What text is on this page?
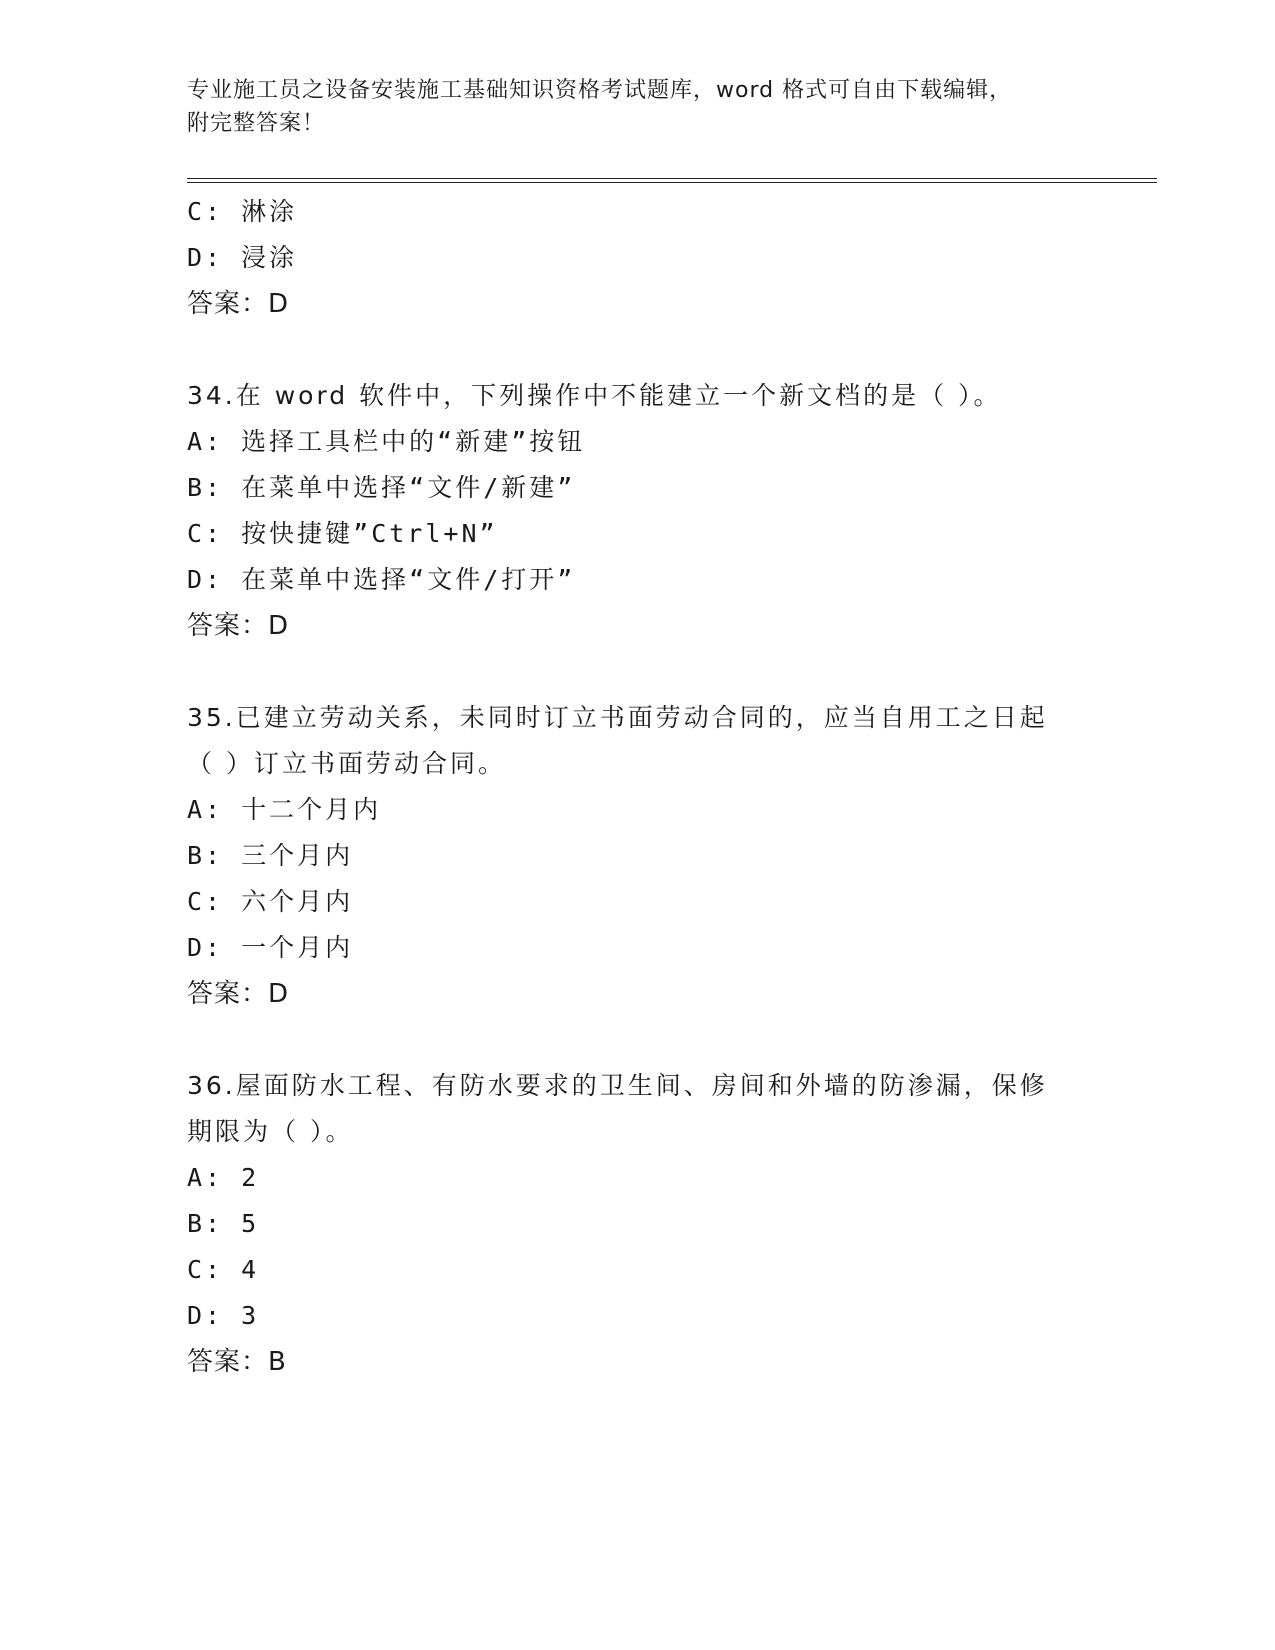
专业施工员之设备安装施工基础知识资格考试题库，word 格式可自由下载编辑，
附完整答案！
C: 淋涂
D: 浸涂
答案：D
34.在 word 软件中，下列操作中不能建立一个新文档的是（ ）。
A: 选择工具栏中的“新建”按钮
B: 在菜单中选择“文件/新建”
C: 按快捷键”Ctrl+N”
D: 在菜单中选择“文件/打开”
答案：D
35.已建立劳动关系，未同时订立书面劳动合同的，应当自用工之日起
（ ）订立书面劳动合同。
A: 十二个月内
B: 三个月内
C: 六个月内
D: 一个月内
答案：D
36.屋面防水工程、有防水要求的卫生间、房间和外墙的防渗漏，保修
期限为（ ）。
A: 2
B: 5
C: 4
D: 3
答案：B
